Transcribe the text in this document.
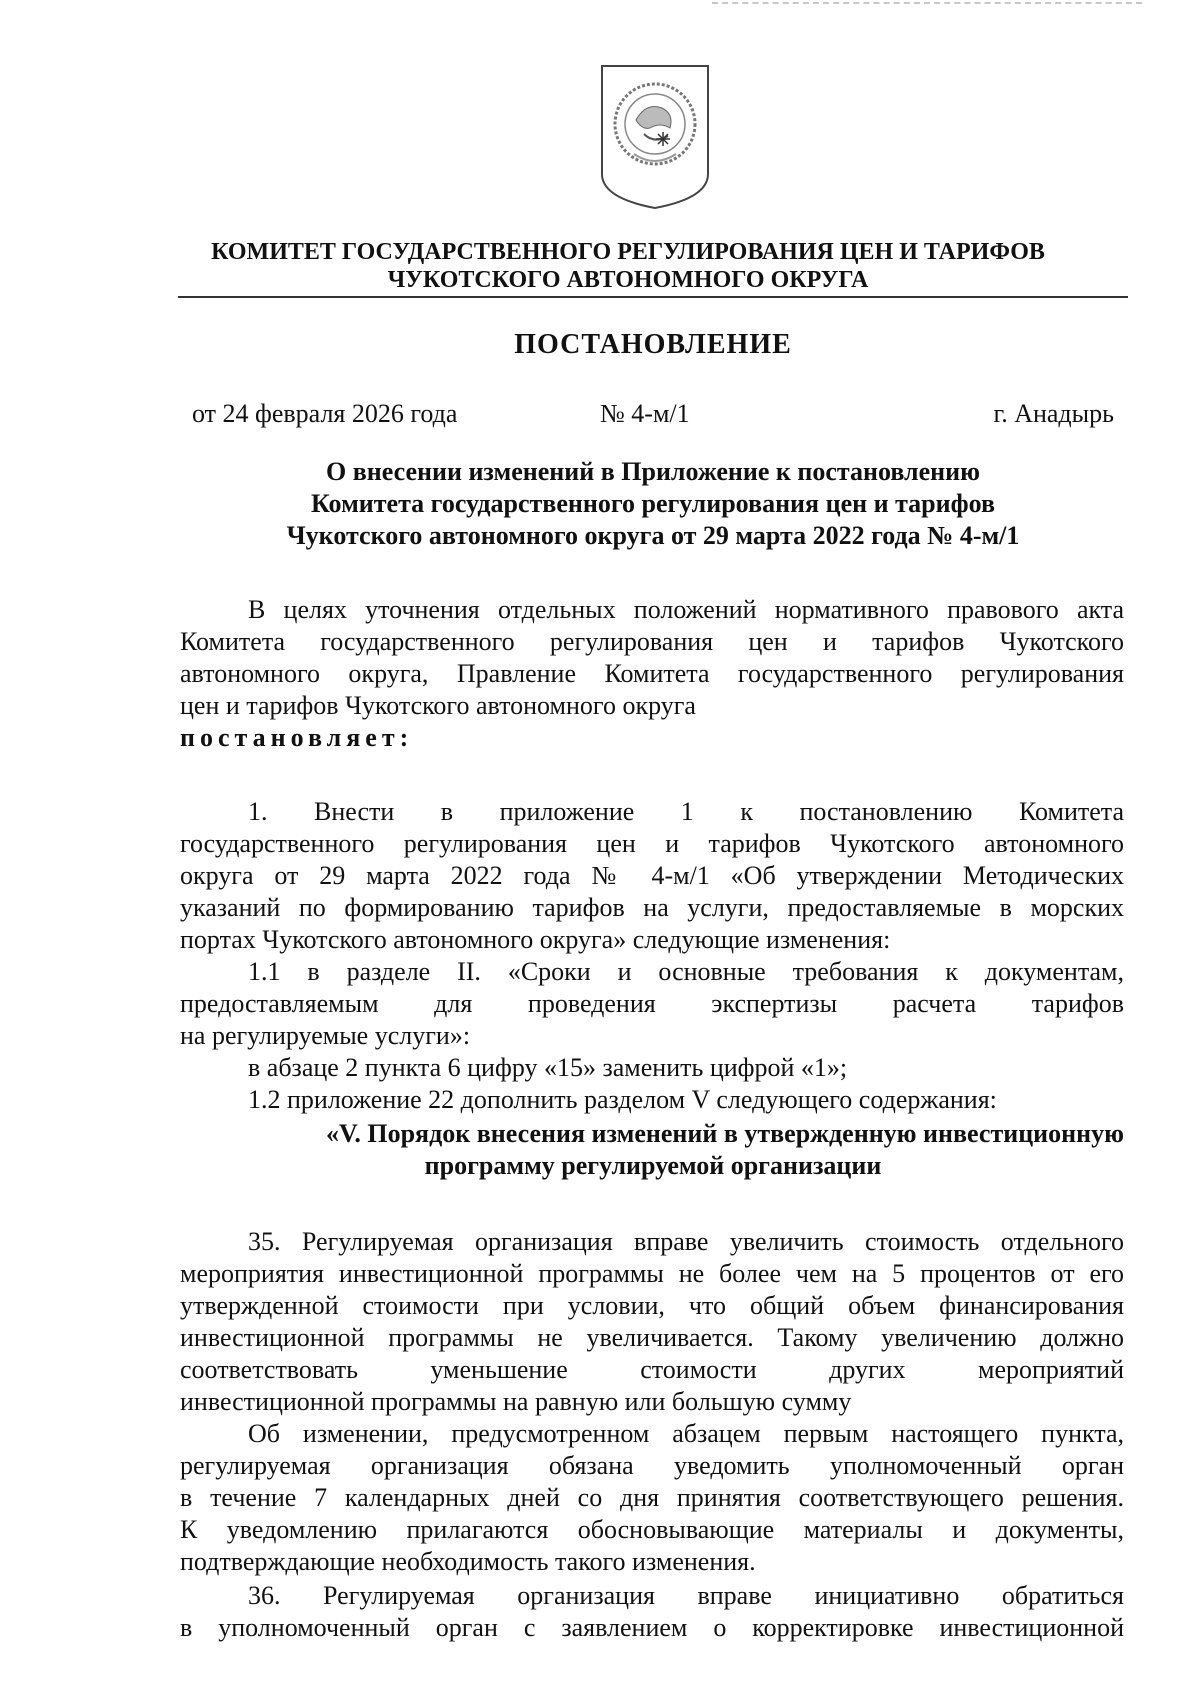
КОМИТЕТ ГОСУДАРСТВЕННОГО РЕГУЛИРОВАНИЯ ЦЕН И ТАРИФОВ
ЧУКОТСКОГО АВТОНОМНОГО ОКРУГА
ПОСТАНОВЛЕНИЕ
от 24 февраля 2026 года	№ 4-м/1	г. Анадырь
О внесении изменений в Приложение к постановлению
Комитета государственного регулирования цен и тарифов
Чукотского автономного округа от 29 марта 2022 года № 4-м/1
В целях уточнения отдельных положений нормативного правового акта
Комитета государственного регулирования цен и тарифов Чукотского
автономного округа, Правление Комитета государственного регулирования
цен и тарифов Чукотского автономного округа
постановляет:
1. Внести в приложение 1 к постановлению Комитета
государственного регулирования цен и тарифов Чукотского автономного
округа от 29 марта 2022 года № 4-м/1 «Об утверждении Методических
указаний по формированию тарифов на услуги, предоставляемые в морских
портах Чукотского автономного округа» следующие изменения:
1.1 в разделе II. «Сроки и основные требования к документам,
предоставляемым для проведения экспертизы расчета тарифов
на регулируемые услуги»:
в абзаце 2 пункта 6 цифру «15» заменить цифрой «1»;
1.2 приложение 22 дополнить разделом V следующего содержания:
«V. Порядок внесения изменений в утвержденную инвестиционную
программу регулируемой организации
35. Регулируемая организация вправе увеличить стоимость отдельного
мероприятия инвестиционной программы не более чем на 5 процентов от его
утвержденной стоимости при условии, что общий объем финансирования
инвестиционной программы не увеличивается. Такому увеличению должно
соответствовать уменьшение стоимости других мероприятий
инвестиционной программы на равную или большую сумму
Об изменении, предусмотренном абзацем первым настоящего пункта,
регулируемая организация обязана уведомить уполномоченный орган
в течение 7 календарных дней со дня принятия соответствующего решения.
К уведомлению прилагаются обосновывающие материалы и документы,
подтверждающие необходимость такого изменения.
36. Регулируемая организация вправе инициативно обратиться
в уполномоченный орган с заявлением о корректировке инвестиционной
